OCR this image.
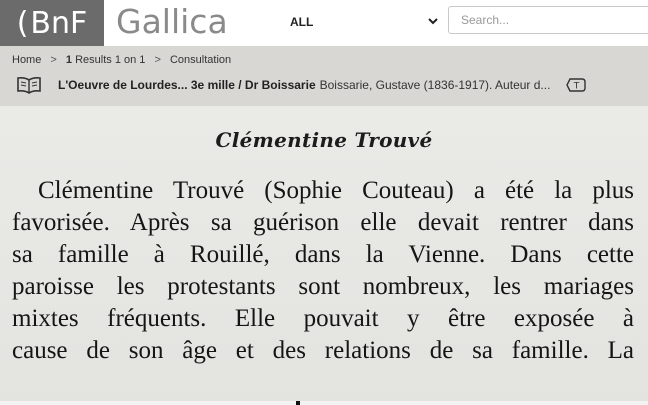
( BnF Gallica	ALL
Search...
Home > 1 Results 1 on 1 > Consultation
L'Oeuvre de Lourdes... 3e mille / Dr Boissarie Boissarie, Gustave (1836-1917). Auteur d...	T
Clémentine Trouvé
Clémentine Trouvé (Sophie Couteau) a été la plus
favorisée. Après sa guérison elle devait rentrer dans
sa famille à Rouillé, dans la Vienne. Dans cette
paroisse les protestants sont nombreux, les mariages
mixtes fréquents. Elle pouvait y être exposée à
cause de son âge et des relations de sa famille. La
